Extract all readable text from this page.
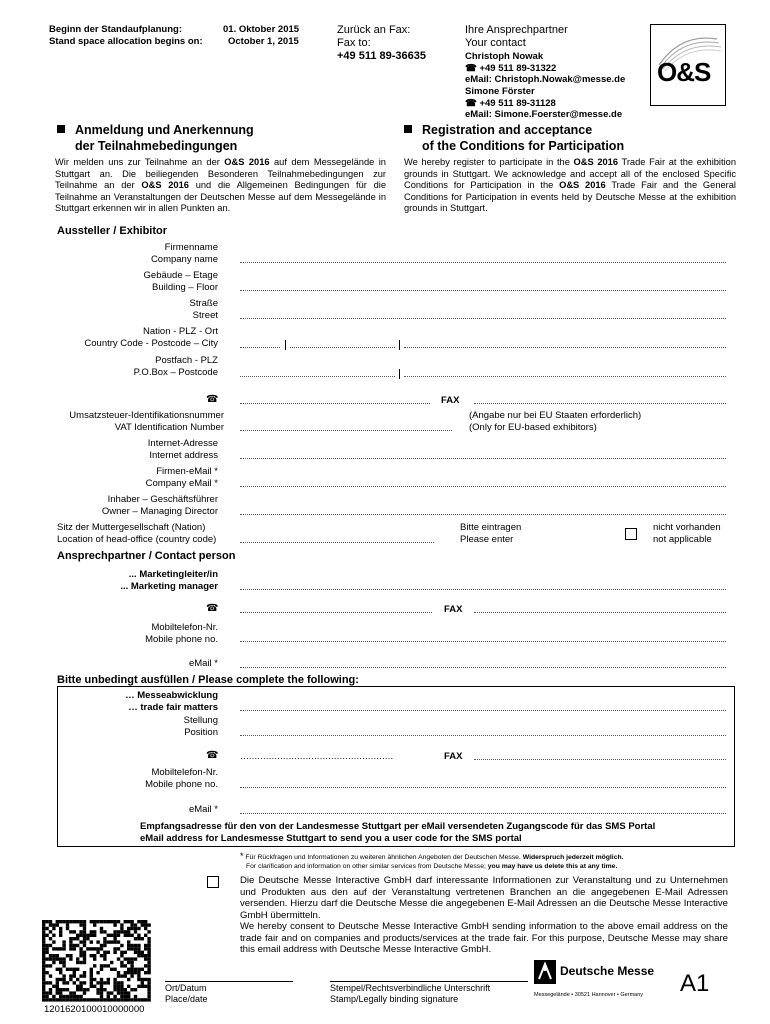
Beginn der Standaufplanung:	01. Oktober 2015
Stand space allocation begins on:	October 1, 2015
Zurück an Fax:
Fax to:
+49 511 89-36635
Ihre Ansprechpartner
Your contact
Christoph Nowak
☎ +49 511 89-31322
eMail: Christoph.Nowak@messe.de
Simone Förster
☎ +49 511 89-31128
eMail: Simone.Foerster@messe.de
O&S
Anmeldung und Anerkennung
der Teilnahmebedingungen
Registration and acceptance
of the Conditions for Participation
Wir melden uns zur Teilnahme an der O&S 2016 auf dem Messegelände in Stuttgart an. Die beiliegenden Besonderen Teilnahmebedingungen zur Teilnahme an der O&S 2016 und die Allgemeinen Bedingungen für die Teilnahme an Veranstaltungen der Deutschen Messe auf dem Messegelände in Stuttgart erkennen wir in allen Punkten an.
We hereby register to participate in the O&S 2016 Trade Fair at the exhibition grounds in Stuttgart. We acknowledge and accept all of the enclosed Specific Conditions for Participation in the O&S 2016 Trade Fair and the General Conditions for Participation in events held by Deutsche Messe at the exhibition grounds in Stuttgart.
Aussteller / Exhibitor
Firmenname
Company name
Gebäude – Etage
Building – Floor
Straße
Street
Nation - PLZ - Ort
Country Code - Postcode – City
Postfach - PLZ
P.O.Box – Postcode
☎	FAX
Umsatzsteuer-Identifikationsnummer
VAT Identification Number
(Angabe nur bei EU Staaten erforderlich)
(Only for EU-based exhibitors)
Internet-Adresse
Internet address
Firmen-eMail *
Company eMail *
Inhaber – Geschäftsführer
Owner – Managing Director
Sitz der Muttergesellschaft (Nation)
Location of head-office (country code)
Bitte eintragen
Please enter
nicht vorhanden
not applicable
Ansprechpartner / Contact person
... Marketingleiter/in
... Marketing manager
☎	FAX
Mobiltelefon-Nr.
Mobile phone no.
eMail *
Bitte unbedingt ausfüllen / Please complete the following:
… Messeabwicklung
… trade fair matters
Stellung
Position
☎ ………………………………………………	FAX
Mobiltelefon-Nr.
Mobile phone no.
eMail *
Empfangsadresse für den von der Landesmesse Stuttgart per eMail versendeten Zugangscode für das SMS Portal
eMail address for Landesmesse Stuttgart to send you a user code for the SMS portal
* Für Rückfragen und Informationen zu weiteren ähnlichen Angeboten der Deutschen Messe. Widerspruch jederzeit möglich.
For clarification and information on other similar services from Deutsche Messe; you may have us delete this at any time.
Die Deutsche Messe Interactive GmbH darf interessante Informationen zur Veranstaltung und zu Unternehmen und Produkten aus den auf der Veranstaltung vertretenen Branchen an die angegebenen E-Mail Adressen versenden. Hierzu darf die Deutsche Messe die angegebenen E-Mail Adressen an die Deutsche Messe Interactive GmbH übermitteln.
We hereby consent to Deutsche Messe Interactive GmbH sending information to the above email address on the trade fair and on companies and products/services at the trade fair. For this purpose, Deutsche Messe may share this email address with Deutsche Messe Interactive GmbH.
1201620100010000000
Ort/Datum
Place/date
Stempel/Rechtsverbindliche Unterschrift
Stamp/Legally binding signature
Deutsche Messe
Messegelände • 30521 Hannover • Germany A1
